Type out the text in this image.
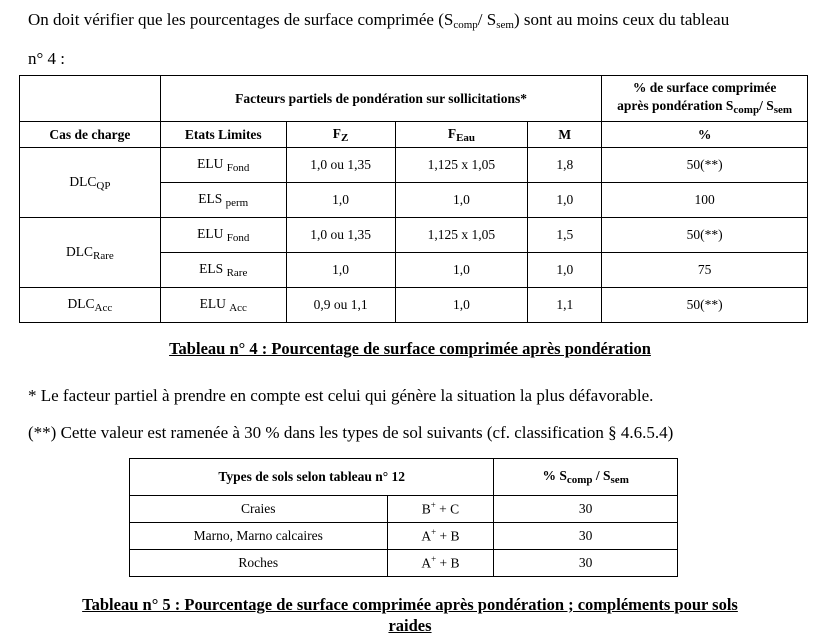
On doit vérifier que les pourcentages de surface comprimée ($S_{comp}/$ $S_{sem}$) sont au moins ceux du tableau
n° 4 :
	Facteurs partiels de pondération sur sollicitations*				% de surface comprimée
après pondération $S_{comp}/$ $S_{sem}$

Cas de charge	Etats Limites	$F_Z$	$F_{Eau}$	M	%
$DLC_{QP}$	ELU $_{Fond}$	1,0 ou 1,35	1,125 x 1,05	1,8	50(**)
	ELS $_{perm}$	1,0	1,0	1,0	100
$DLC_{Rare}$	ELU $_{Fond}$	1,0 ou 1,35	1,125 x 1,05	1,5	50(**)
	ELS $_{Rare}$	1,0	1,0	1,0	75
$DLC_{Acc}$	ELU $_{Acc}$	0,9 ou 1,1	1,0	1,1	50(**)
Tableau n° 4 : Pourcentage de surface comprimée après pondération
* Le facteur partiel à prendre en compte est celui qui génère la situation la plus défavorable.
(**) Cette valeur est ramenée à 30 % dans les types de sol suivants (cf. classification § 4.6.5.4)
Types de sols selon tableau n° 12		% $S_{comp} / S_{sem}$
Craies	B+ + C	30
Marno, Marno calcaires	A+ + B	30
Roches	A+ + B	30
Tableau n° 5 : Pourcentage de surface comprimée après pondération ; compléments pour sols
raides
